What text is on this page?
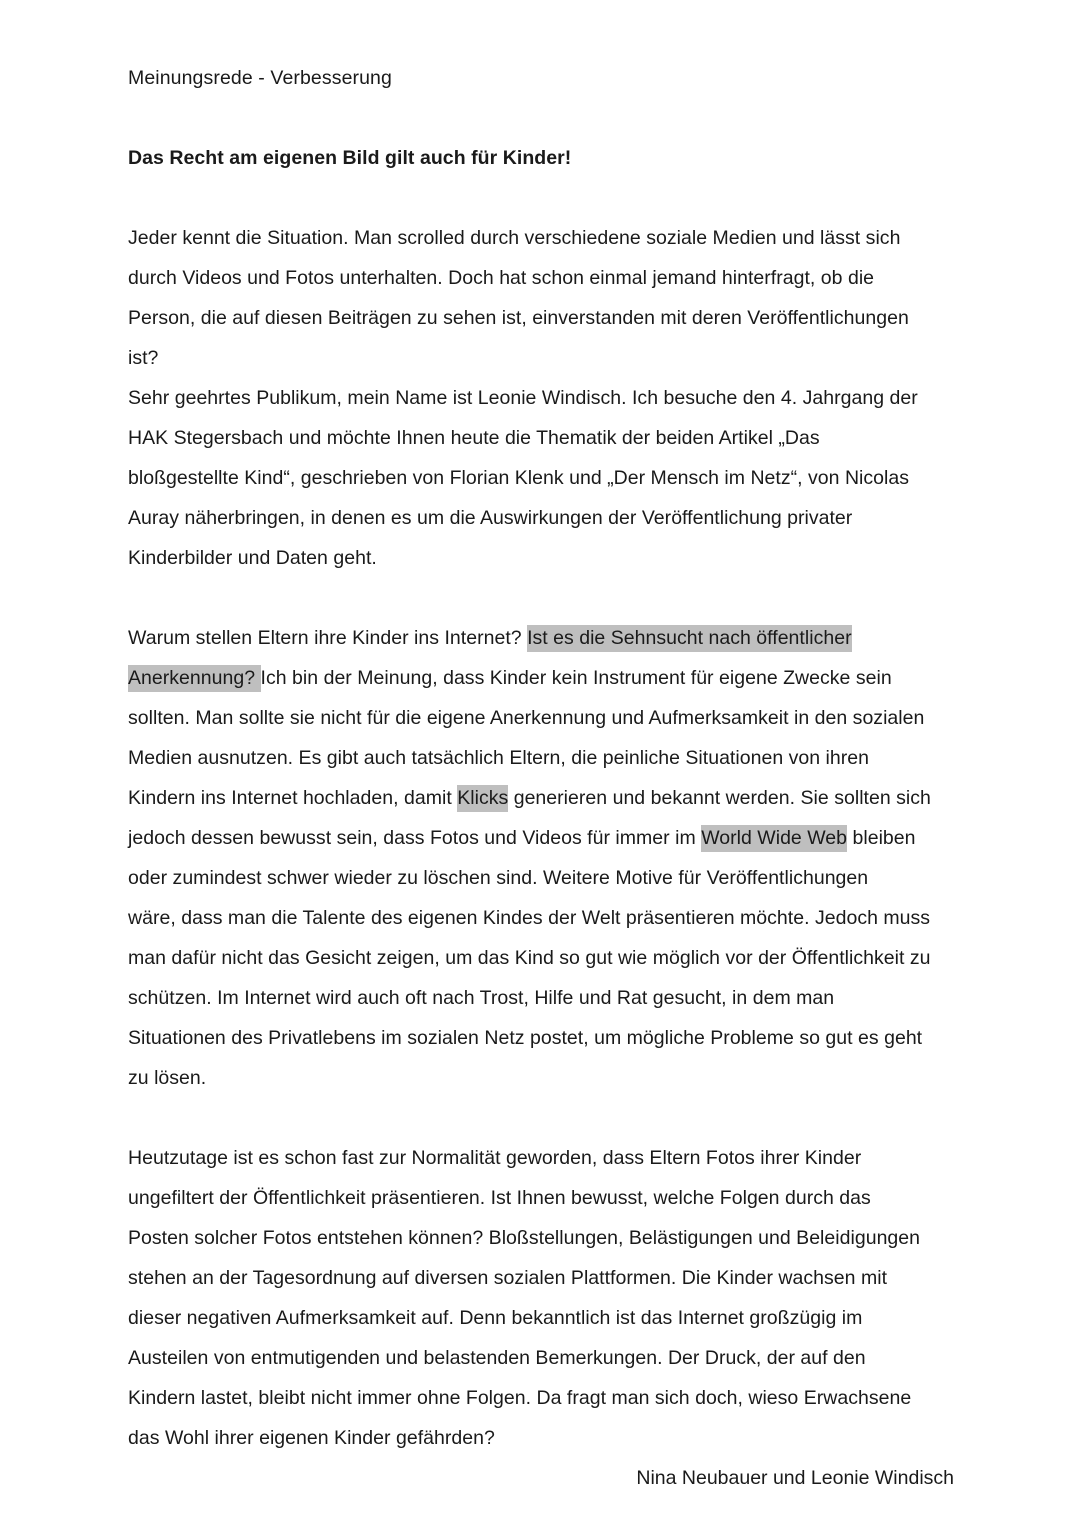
Meinungsrede - Verbesserung

Das Recht am eigenen Bild gilt auch für Kinder!

Jeder kennt die Situation. Man scrolled durch verschiedene soziale Medien und lässt sich
durch Videos und Fotos unterhalten. Doch hat schon einmal jemand hinterfragt, ob die
Person, die auf diesen Beiträgen zu sehen ist, einverstanden mit deren Veröffentlichungen
ist?
Sehr geehrtes Publikum, mein Name ist Leonie Windisch. Ich besuche den 4. Jahrgang der
HAK Stegersbach und möchte Ihnen heute die Thematik der beiden Artikel „Das
bloßgestellte Kind“, geschrieben von Florian Klenk und „Der Mensch im Netz“, von Nicolas
Auray näherbringen, in denen es um die Auswirkungen der Veröffentlichung privater
Kinderbilder und Daten geht.

Warum stellen Eltern ihre Kinder ins Internet? Ist es die Sehnsucht nach öffentlicher
Anerkennung? Ich bin der Meinung, dass Kinder kein Instrument für eigene Zwecke sein
sollten. Man sollte sie nicht für die eigene Anerkennung und Aufmerksamkeit in den sozialen
Medien ausnutzen. Es gibt auch tatsächlich Eltern, die peinliche Situationen von ihren
Kindern ins Internet hochladen, damit Klicks generieren und bekannt werden. Sie sollten sich
jedoch dessen bewusst sein, dass Fotos und Videos für immer im World Wide Web bleiben
oder zumindest schwer wieder zu löschen sind. Weitere Motive für Veröffentlichungen
wäre, dass man die Talente des eigenen Kindes der Welt präsentieren möchte. Jedoch muss
man dafür nicht das Gesicht zeigen, um das Kind so gut wie möglich vor der Öffentlichkeit zu
schützen. Im Internet wird auch oft nach Trost, Hilfe und Rat gesucht, in dem man
Situationen des Privatlebens im sozialen Netz postet, um mögliche Probleme so gut es geht
zu lösen.

Heutzutage ist es schon fast zur Normalität geworden, dass Eltern Fotos ihrer Kinder
ungefiltert der Öffentlichkeit präsentieren. Ist Ihnen bewusst, welche Folgen durch das
Posten solcher Fotos entstehen können? Bloßstellungen, Belästigungen und Beleidigungen
stehen an der Tagesordnung auf diversen sozialen Plattformen. Die Kinder wachsen mit
dieser negativen Aufmerksamkeit auf. Denn bekanntlich ist das Internet großzügig im
Austeilen von entmutigenden und belastenden Bemerkungen. Der Druck, der auf den
Kindern lastet, bleibt nicht immer ohne Folgen. Da fragt man sich doch, wieso Erwachsene
das Wohl ihrer eigenen Kinder gefährden?
Nina Neubauer und Leonie Windisch
